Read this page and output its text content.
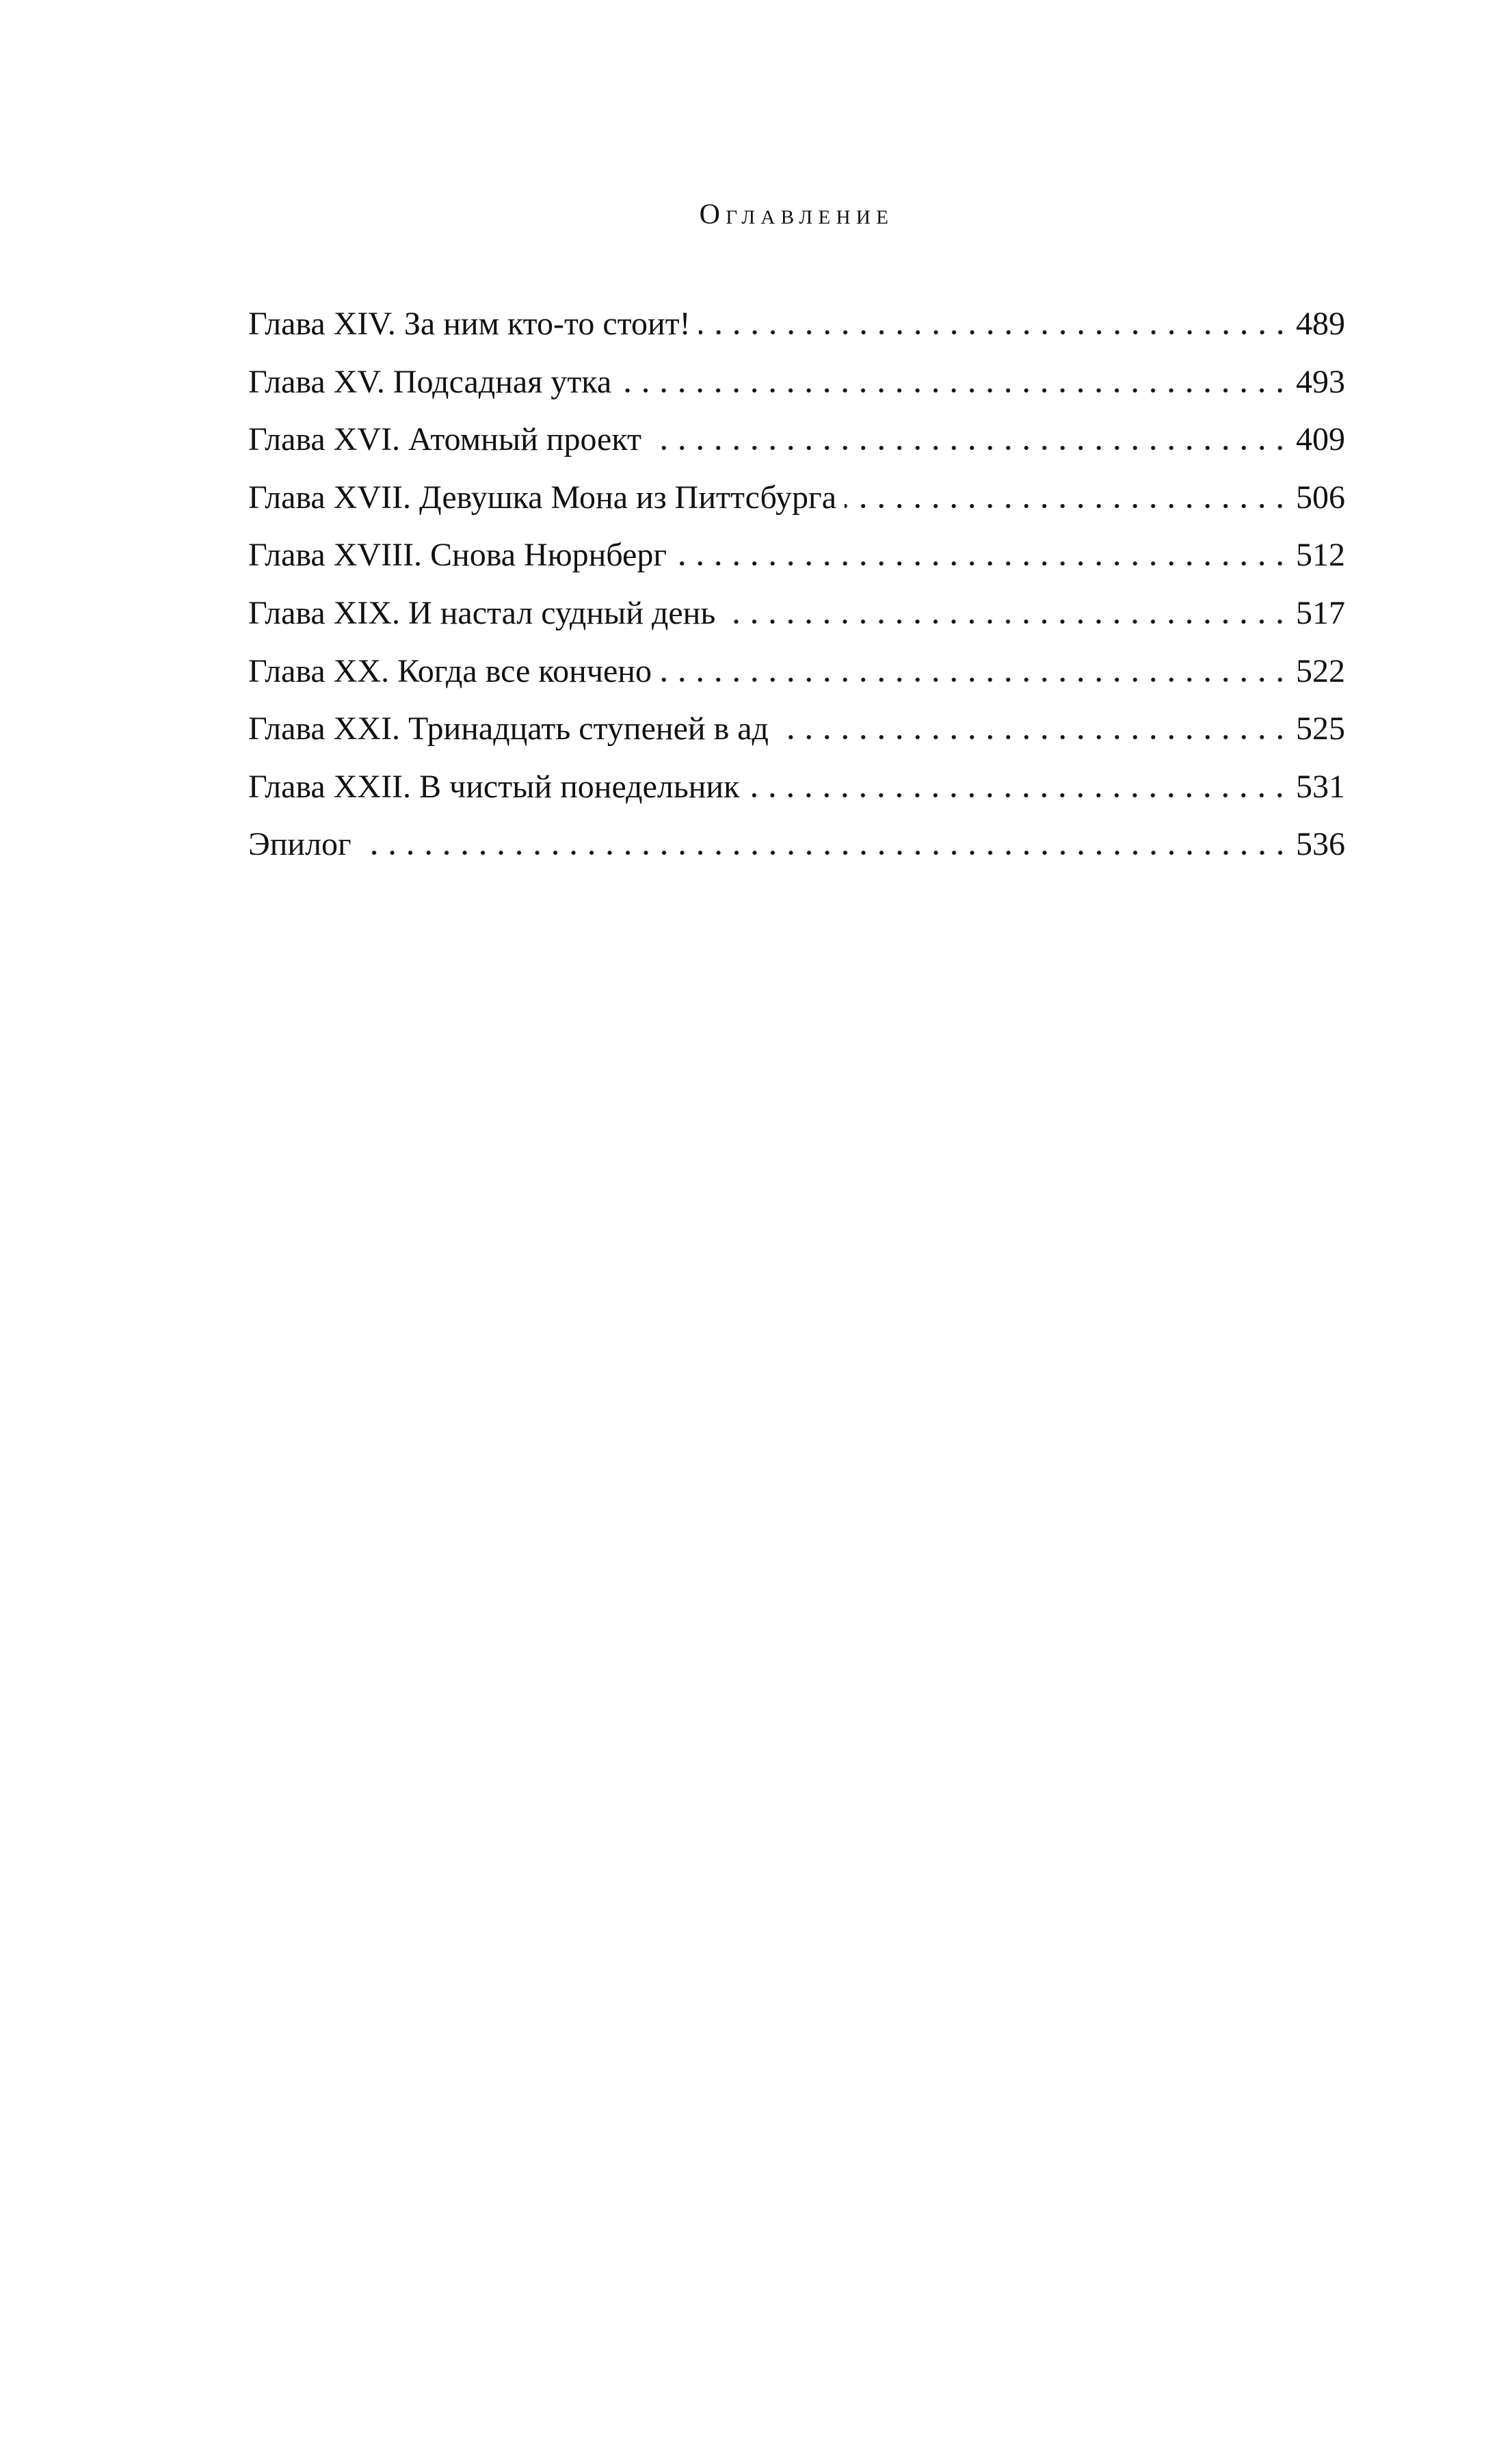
Оглавление
Глава XIV. За ним кто-то стоит!	489
Глава XV. Подсадная утка	493
Глава XVI. Атомный проект	409
Глава XVII. Девушка Мона из Питтсбурга	506
Глава XVIII. Снова Нюрнберг	512
Глава XIX. И настал судный день	517
Глава XX. Когда все кончено	522
Глава XXI. Тринадцать ступеней в ад	525
Глава XXII. В чистый понедельник	531
Эпилог	536
